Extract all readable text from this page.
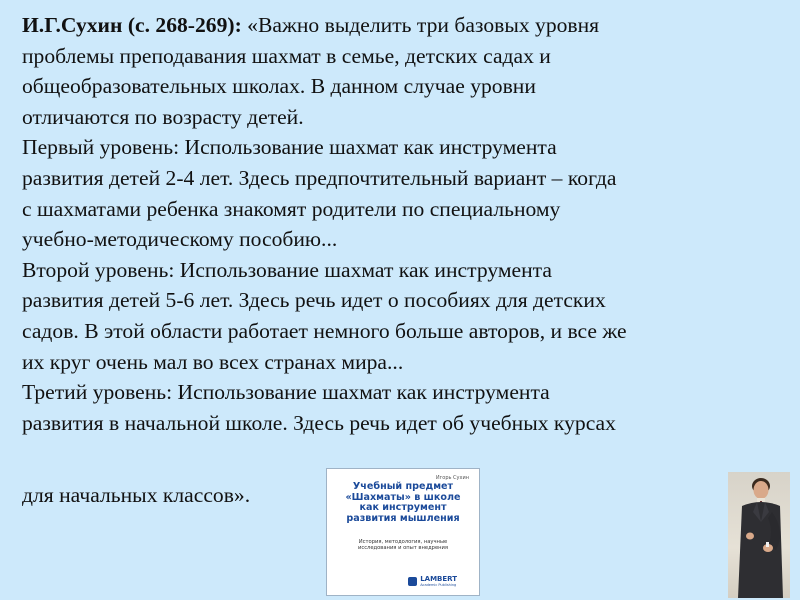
И.Г.Сухин (с. 268-269): «Важно выделить три базовых уровня
проблемы преподавания шахмат в семье, детских садах и
общеобразовательных школах. В данном случае уровни
отличаются по возрасту детей.
Первый уровень: Использование шахмат как инструмента
развития детей 2-4 лет. Здесь предпочтительный вариант – когда
с шахматами ребенка знакомят родители по специальному
учебно-методическому пособию...
Второй уровень: Использование шахмат как инструмента
развития детей 5-6 лет. Здесь речь идет о пособиях для детских
садов. В этой области работает немного больше авторов, и все же
их круг очень мал во всех странах мира...
Третий уровень: Использование шахмат как инструмента
развития в начальной школе. Здесь речь идет об учебных курсах
для начальных классов».
Игорь Сухин
Учебный предмет
«Шахматы» в школе
как инструмент
развития мышления
История, методология, научные
исследования и опыт внедрения
LAMBERT
Academic Publishing
